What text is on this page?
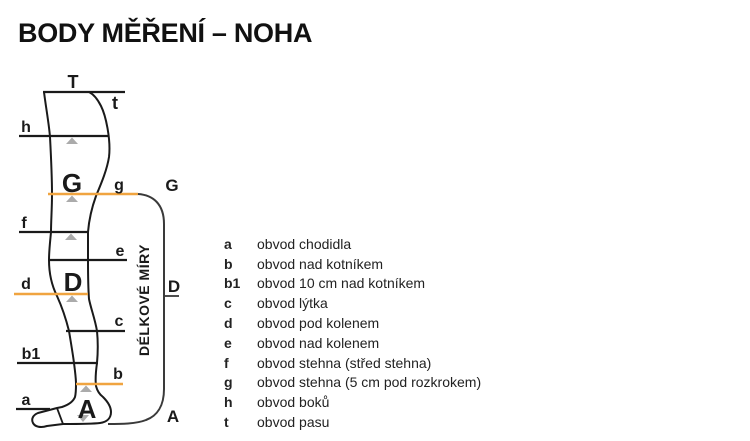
BODY MĚŘENÍ – NOHA
T
t
h
G g G
f
e
D
d	D
c
b1
b
a A	A
DÉLKOVÉ MÍRY
a	obvod chodidla
b	obvod nad kotníkem
b1	obvod 10 cm nad kotníkem
c	obvod lýtka
d	obvod pod kolenem
e	obvod nad kolenem
f	obvod stehna (střed stehna)
g	obvod stehna (5 cm pod rozkrokem)
h	obvod boků
t	obvod pasu
